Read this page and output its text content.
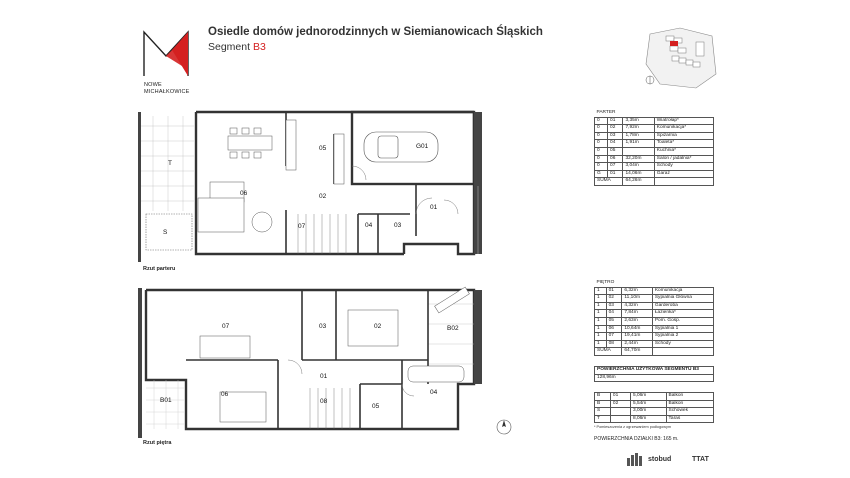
NOWE
MICHAŁKOWICE
Osiedle domów jednorodzinnych w Siemianowicach Śląskich
Segment B3
05	G01
02
06
07	04	03
01
T
S
Rzut parteru
07	03	02	B02
01
06
08
05
04
B01
Rzut piętra
PARTER			
0	01	3,35m	Wiatrołap*
0	02	7,92m	Komunikacja*
0	03	1,78m	Spiżarnia
0	04	1,91m	Toaleta*
0	05		Kuchnia*
0	06	32,20m	Salon / jadalnia*
0	07	3,04m	Schody
G	01	14,06m	Garaż
SUMA		64,26m	
PIĘTRO			
1	01	6,32m	Komunikacja
1	02	11,10m	Sypialnia Główna
1	03	4,32m	Garderoba
1	04	7,84m	Łazienka*
1	05	2,63m	Pom. Gosp.
1	06	10,64m	Sypialnia 1
1	07	19,41m	Sypialnia 2
1	08	2,44m	Schody
SUMA		64,70m	
POWIERZCHNIA UŻYTKOWA SEGMENTU B3
128,96m
B	01	5,06m	Balkon
B	02	5,54m	Balkon
S		3,00m	Schowek
T		8,06m	Taras
* Pomieszczenia z ogrzewaniem podłogowym
POWIERZCHNIA DZIAŁKI B3: 165 m.
stobud	TTAT
